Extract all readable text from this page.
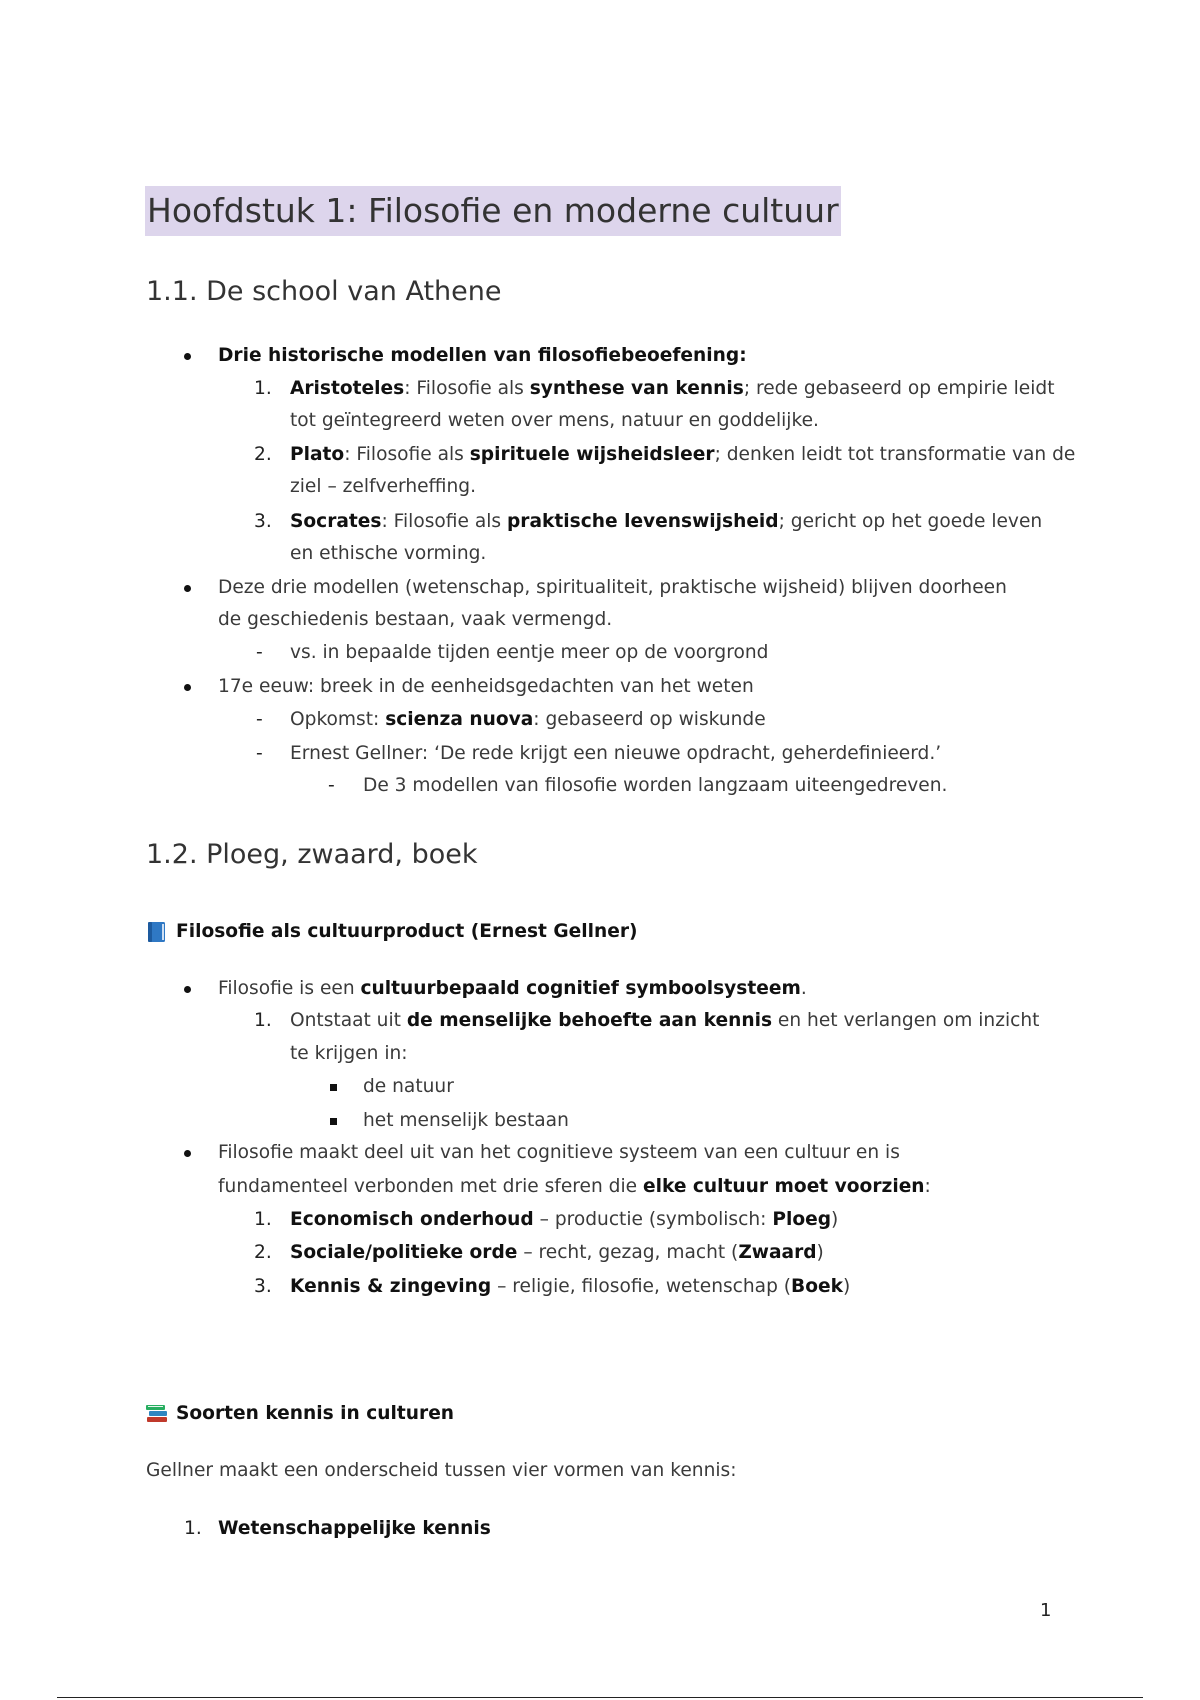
Hoofdstuk 1: Filosofie en moderne cultuur
1.1. De school van Athene
Drie historische modellen van filosofiebeoefening:
1. Aristoteles: Filosofie als synthese van kennis; rede gebaseerd op empirie leidt
tot geïntegreerd weten over mens, natuur en goddelijke.
2. Plato: Filosofie als spirituele wijsheidsleer; denken leidt tot transformatie van de
ziel – zelfverheffing.
3. Socrates: Filosofie als praktische levenswijsheid; gericht op het goede leven
en ethische vorming.
Deze drie modellen (wetenschap, spiritualiteit, praktische wijsheid) blijven doorheen
de geschiedenis bestaan, vaak vermengd.
- vs. in bepaalde tijden eentje meer op de voorgrond
17e eeuw: breek in de eenheidsgedachten van het weten
- Opkomst: scienza nuova: gebaseerd op wiskunde
- Ernest Gellner: ‘De rede krijgt een nieuwe opdracht, geherdefinieerd.’
- De 3 modellen van filosofie worden langzaam uiteengedreven.
1.2. Ploeg, zwaard, boek
Filosofie als cultuurproduct (Ernest Gellner)
Filosofie is een cultuurbepaald cognitief symboolsysteem.
1. Ontstaat uit de menselijke behoefte aan kennis en het verlangen om inzicht
te krijgen in:
de natuur
het menselijk bestaan
Filosofie maakt deel uit van het cognitieve systeem van een cultuur en is
fundamenteel verbonden met drie sferen die elke cultuur moet voorzien:
1. Economisch onderhoud – productie (symbolisch: Ploeg)
2. Sociale/politieke orde – recht, gezag, macht (Zwaard)
3. Kennis & zingeving – religie, filosofie, wetenschap (Boek)
Soorten kennis in culturen
Gellner maakt een onderscheid tussen vier vormen van kennis:
1. Wetenschappelijke kennis
1
